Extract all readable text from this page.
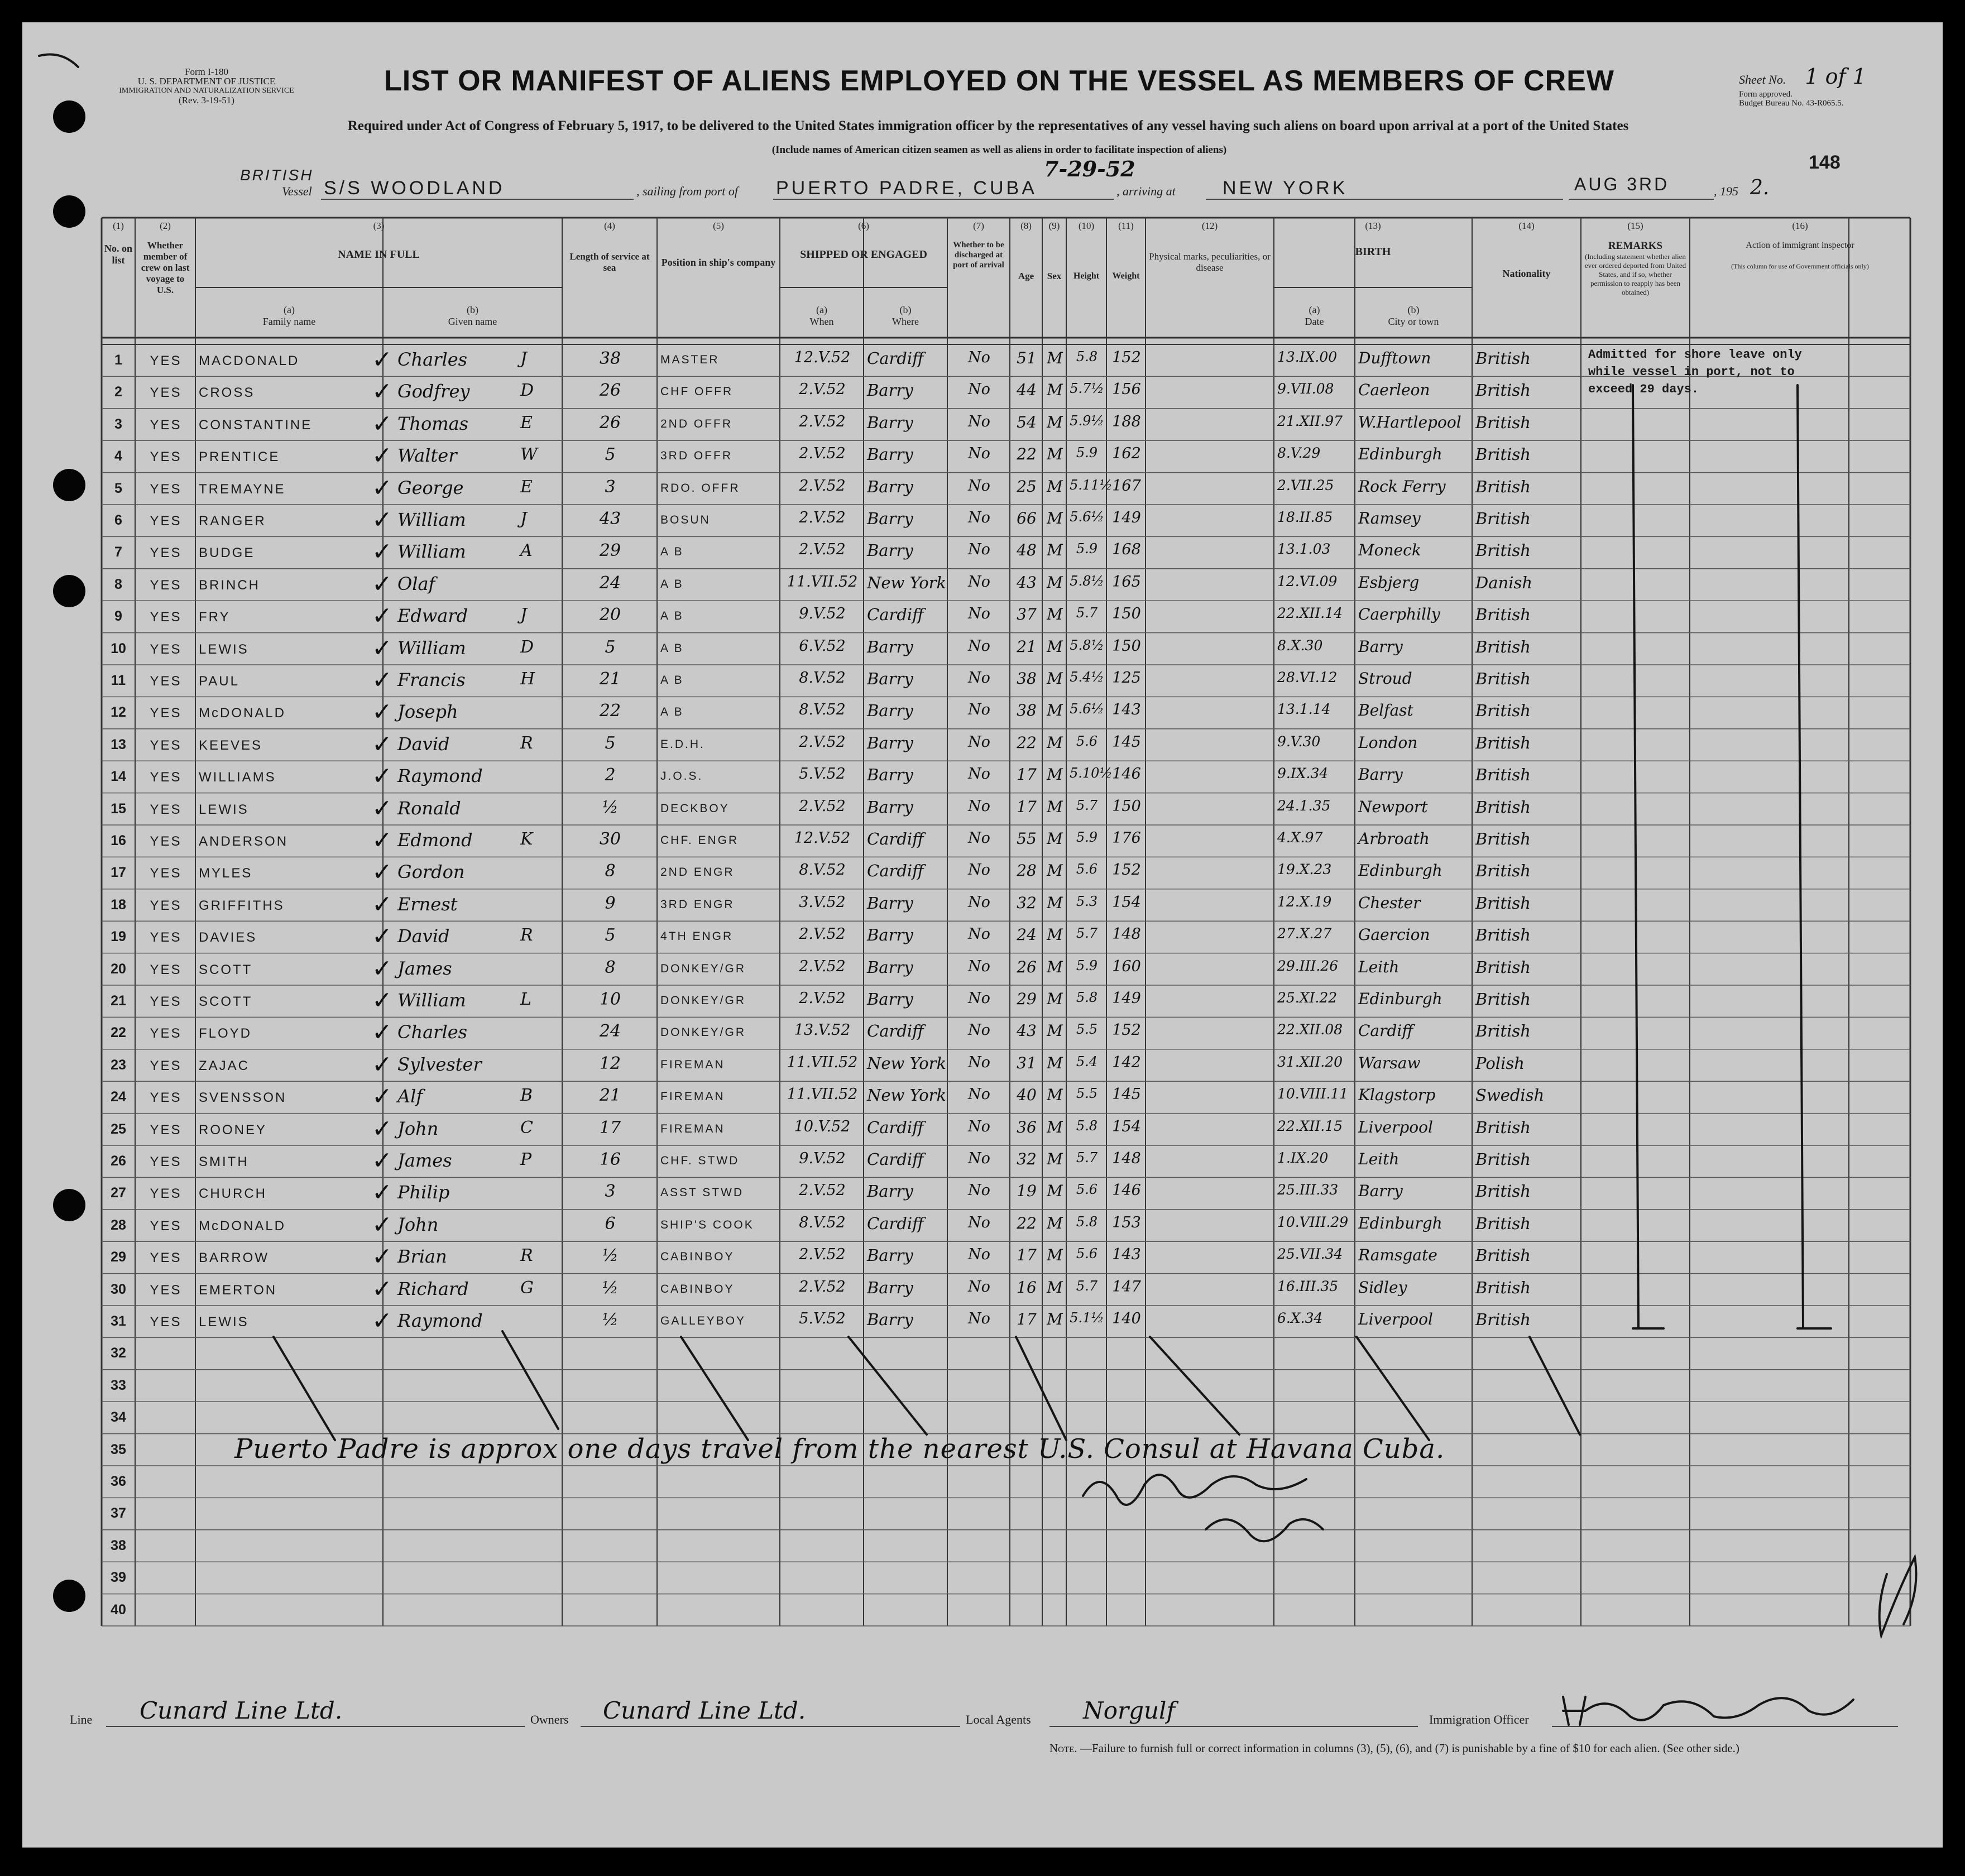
Form I-180
U. S. DEPARTMENT OF JUSTICE
IMMIGRATION AND NATURALIZATION SERVICE
(Rev. 3-19-51)
LIST OR MANIFEST OF ALIENS EMPLOYED ON THE VESSEL AS MEMBERS OF CREW	Sheet No. 1 of 1
Form approved.
Budget Bureau No. 43-R065.5.
Required under Act of Congress of February 5, 1917, to be delivered to the United States immigration officer by the representatives of any vessel having such aliens on board upon arrival at a port of the United States
(Include names of American citizen seamen as well as aliens in order to facilitate inspection of aliens)
148
BRITISH
Vessel S/S WOODLAND	, sailing from port of PUERTO PADRE, CUBA
7-29-52
, arriving at NEW YORK	AUG 3RD	, 195 2.
(1)	(2)	(3)	(4)	(5)	(6)	(7)	(8)	(9)	(10)	(11)	(12)	(13)	(14)	(15)	(16)
No. on list
Whether member of crew on last voyage to U.S.
NAME IN FULL
(a)
Family name
(b)
Given name
Length of service at sea	Position in ship's company
SHIPPED OR ENGAGED
(a)
When
(b)
Where
Whether to be discharged at port of arrival
Age	Sex	Height	Weight
Physical marks, peculiarities, or disease
BIRTH
(a)
Date
(b)
City or town
Nationality
REMARKS
(Including statement whether alien ever ordered deported from United States, and if so, whether permission to reapply has been obtained)
Action of immigrant inspector
(This column for use of Government officials only)
1	YES	MACDONALD	Charles	J	38	MASTER	12.V.52	Cardiff	No	51 M	5.8 152	13.IX.00	Dufftown	British
✓
2	YES	CROSS	Godfrey	D	26	CHF OFFR	2.V.52	Barry	No	44 M 5.7½ 156	9.VII.08	Caerleon	British
✓
3	YES	CONSTANTINE	Thomas	E	26	2ND OFFR	2.V.52	Barry	No	54 M 5.9½ 188	21.XII.97 W.Hartlepool British
✓
4	YES	PRENTICE	Walter	W	5	3RD OFFR	2.V.52	Barry	No	22 M	5.9 162	8.V.29	Edinburgh	British
✓
5	YES	TREMAYNE	George	E	3	RDO. OFFR	2.V.52	Barry	No	25 M 5.11½ 167	2.VII.25	Rock Ferry	British
✓
6	YES	RANGER	William	J	43	BOSUN	2.V.52	Barry	No	66 M 5.6½ 149	18.II.85	Ramsey	British
✓
7	YES	BUDGE	William	A	29	A B	2.V.52	Barry	No	48 M	5.9 168	13.1.03	Moneck	British
✓
8	YES	BRINCH	Olaf	24	A B	11.VII.52 New York	No	43 M 5.8½ 165	12.VI.09	Esbjerg	Danish
✓
9	YES	FRY	Edward	J	20	A B	9.V.52	Cardiff	No	37 M	5.7 150	22.XII.14 Caerphilly	British
✓
10	YES	LEWIS	William	D	5	A B	6.V.52	Barry	No	21 M 5.8½ 150	8.X.30	Barry	British
✓
11	YES	PAUL	Francis	H	21	A B	8.V.52	Barry	No	38 M 5.4½ 125	28.VI.12	Stroud	British
✓
12	YES	McDONALD	Joseph	22	A B	8.V.52	Barry	No	38 M 5.6½ 143	13.1.14	Belfast	British
✓
13	YES	KEEVES	David	R	5	E.D.H.	2.V.52	Barry	No	22 M	5.6 145	9.V.30	London	British
✓
14	YES	WILLIAMS	Raymond	2	J.O.S.	5.V.52	Barry	No	17 M 5.10½ 146	9.IX.34	Barry	British
✓
15	YES	LEWIS	Ronald	½	DECKBOY	2.V.52	Barry	No	17 M	5.7 150	24.1.35	Newport	British
✓
16	YES	ANDERSON	Edmond	K	30	CHF. ENGR	12.V.52	Cardiff	No	55 M	5.9 176	4.X.97	Arbroath	British
✓
17	YES	MYLES	Gordon	8	2ND ENGR	8.V.52	Cardiff	No	28 M	5.6 152	19.X.23	Edinburgh	British
✓
18	YES	GRIFFITHS	Ernest	9	3RD ENGR	3.V.52	Barry	No	32 M	5.3 154	12.X.19	Chester	British
✓
19	YES	DAVIES	David	R	5	4TH ENGR	2.V.52	Barry	No	24 M	5.7 148	27.X.27	Gaercion	British
✓
20	YES	SCOTT	James	8	DONKEY/GR	2.V.52	Barry	No	26 M	5.9 160	29.III.26	Leith	British
✓
21	YES	SCOTT	William	L	10	DONKEY/GR	2.V.52	Barry	No	29 M	5.8 149	25.XI.22	Edinburgh	British
✓
22	YES	FLOYD	Charles	24	DONKEY/GR	13.V.52	Cardiff	No	43 M	5.5 152	22.XII.08 Cardiff	British
✓
23	YES	ZAJAC	Sylvester	12	FIREMAN	11.VII.52 New York	No	31 M	5.4 142	31.XII.20 Warsaw	Polish
✓
24	YES	SVENSSON	Alf	B	21	FIREMAN	11.VII.52 New York	No	40 M	5.5 145	10.VIII.11 Klagstorp	Swedish
✓
25	YES	ROONEY	John	C	17	FIREMAN	10.V.52	Cardiff	No	36 M	5.8 154	22.XII.15 Liverpool	British
✓
26	YES	SMITH	James	P	16	CHF. STWD	9.V.52	Cardiff	No	32 M	5.7 148	1.IX.20	Leith	British
✓
27	YES	CHURCH	Philip	3	ASST STWD	2.V.52	Barry	No	19 M	5.6 146	25.III.33	Barry	British
✓
28	YES	McDONALD	John	6	SHIP'S COOK	8.V.52	Cardiff	No	22 M	5.8 153	10.VIII.29 Edinburgh	British
✓
29	YES	BARROW	Brian	R	½	CABINBOY	2.V.52	Barry	No	17 M	5.6 143	25.VII.34 Ramsgate	British
✓
30	YES	EMERTON	Richard	G	½	CABINBOY	2.V.52	Barry	No	16 M	5.7 147	16.III.35	Sidley	British
✓
31	YES	LEWIS	Raymond	½	GALLEYBOY	5.V.52	Barry	No	17 M 5.1½ 140	6.X.34	Liverpool	British
✓
32
33
34
35
36
37
38
39
40
Admitted for shore leave only while vessel in port, not to exceed 29 days.
Puerto Padre is approx one days travel from the nearest U.S. Consul at Havana Cuba.
Line Cunard Line Ltd.	Owners Cunard Line Ltd.	Local Agents Norgulf	Immigration Officer
Note. —Failure to furnish full or correct information in columns (3), (5), (6), and (7) is punishable by a fine of $10 for each alien. (See other side.)
